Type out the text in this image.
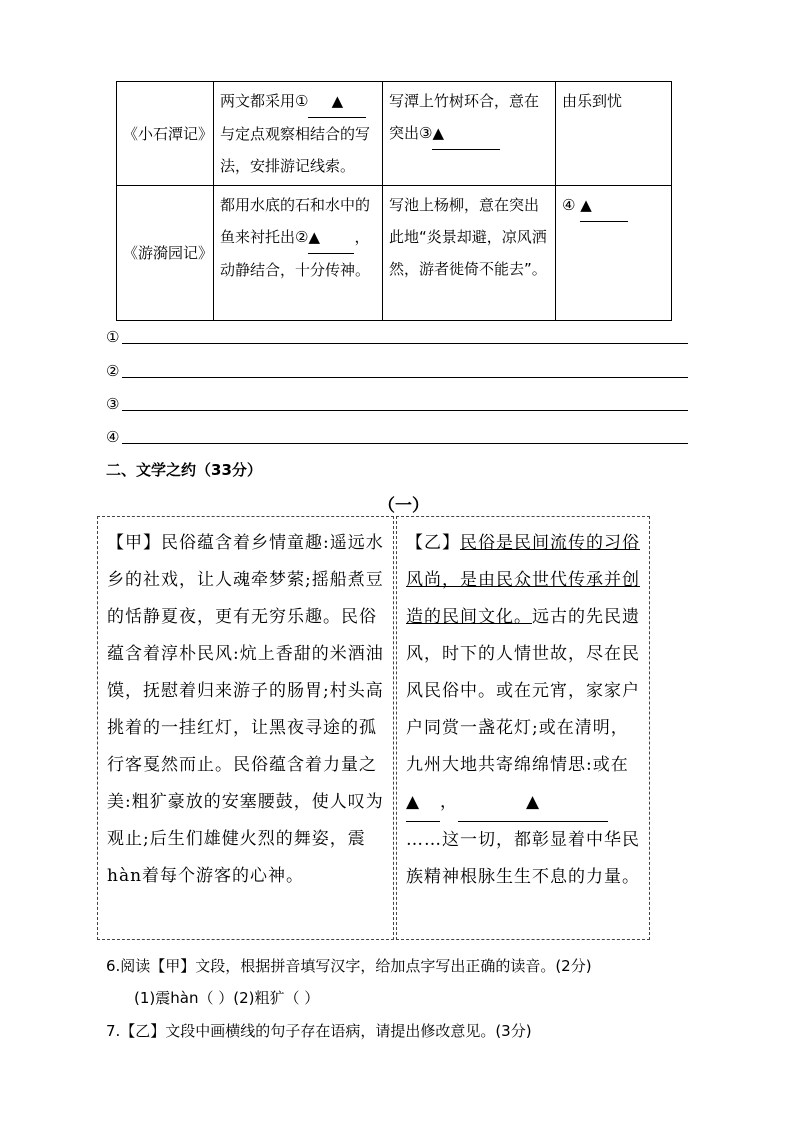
《小石潭记》	两文都采用① ▲与定点观察相结合的写法，安排游记线索。	写潭上竹树环合，意在突出③▲	由乐到忧
《游漪园记》	都用水底的石和水中的鱼来衬托出②▲ ，动静结合，十分传神。	写池上杨柳，意在突出此地“炎景却避，凉风洒然，游者徙倚不能去”。	④ ▲
①
②
③
④
二、文学之约（33分）
（一）
【甲】民俗蕴含着乡情童趣:遥远水乡的社戏，让人魂牵梦萦;摇船煮豆的恬静夏夜，更有无穷乐趣。民俗蕴含着淳朴民风:炕上香甜的米酒油馍，抚慰着归来游子的肠胃;村头高挑着的一挂红灯，让黑夜寻途的孤行客戛然而止。民俗蕴含着力量之美:粗犷豪放的安塞腰鼓，使人叹为观止;后生们雄健火烈的舞姿，震hàn着每个游客的心神。
【乙】民俗是民间流传的习俗风尚，是由民众世代传承并创造的民间文化。远古的先民遗风，时下的人情世故，尽在民风民俗中。或在元宵，家家户户同赏一盏花灯;或在清明，九州大地共寄绵绵情思:或在
▲ ，	▲
……这一切，都彰显着中华民族精神根脉生生不息的力量。
6.阅读【甲】文段，根据拼音填写汉字，给加点字写出正确的读音。(2分)
(1)震hàn（ ）(2)粗犷（ ）
7.【乙】文段中画横线的句子存在语病，请提出修改意见。(3分)
